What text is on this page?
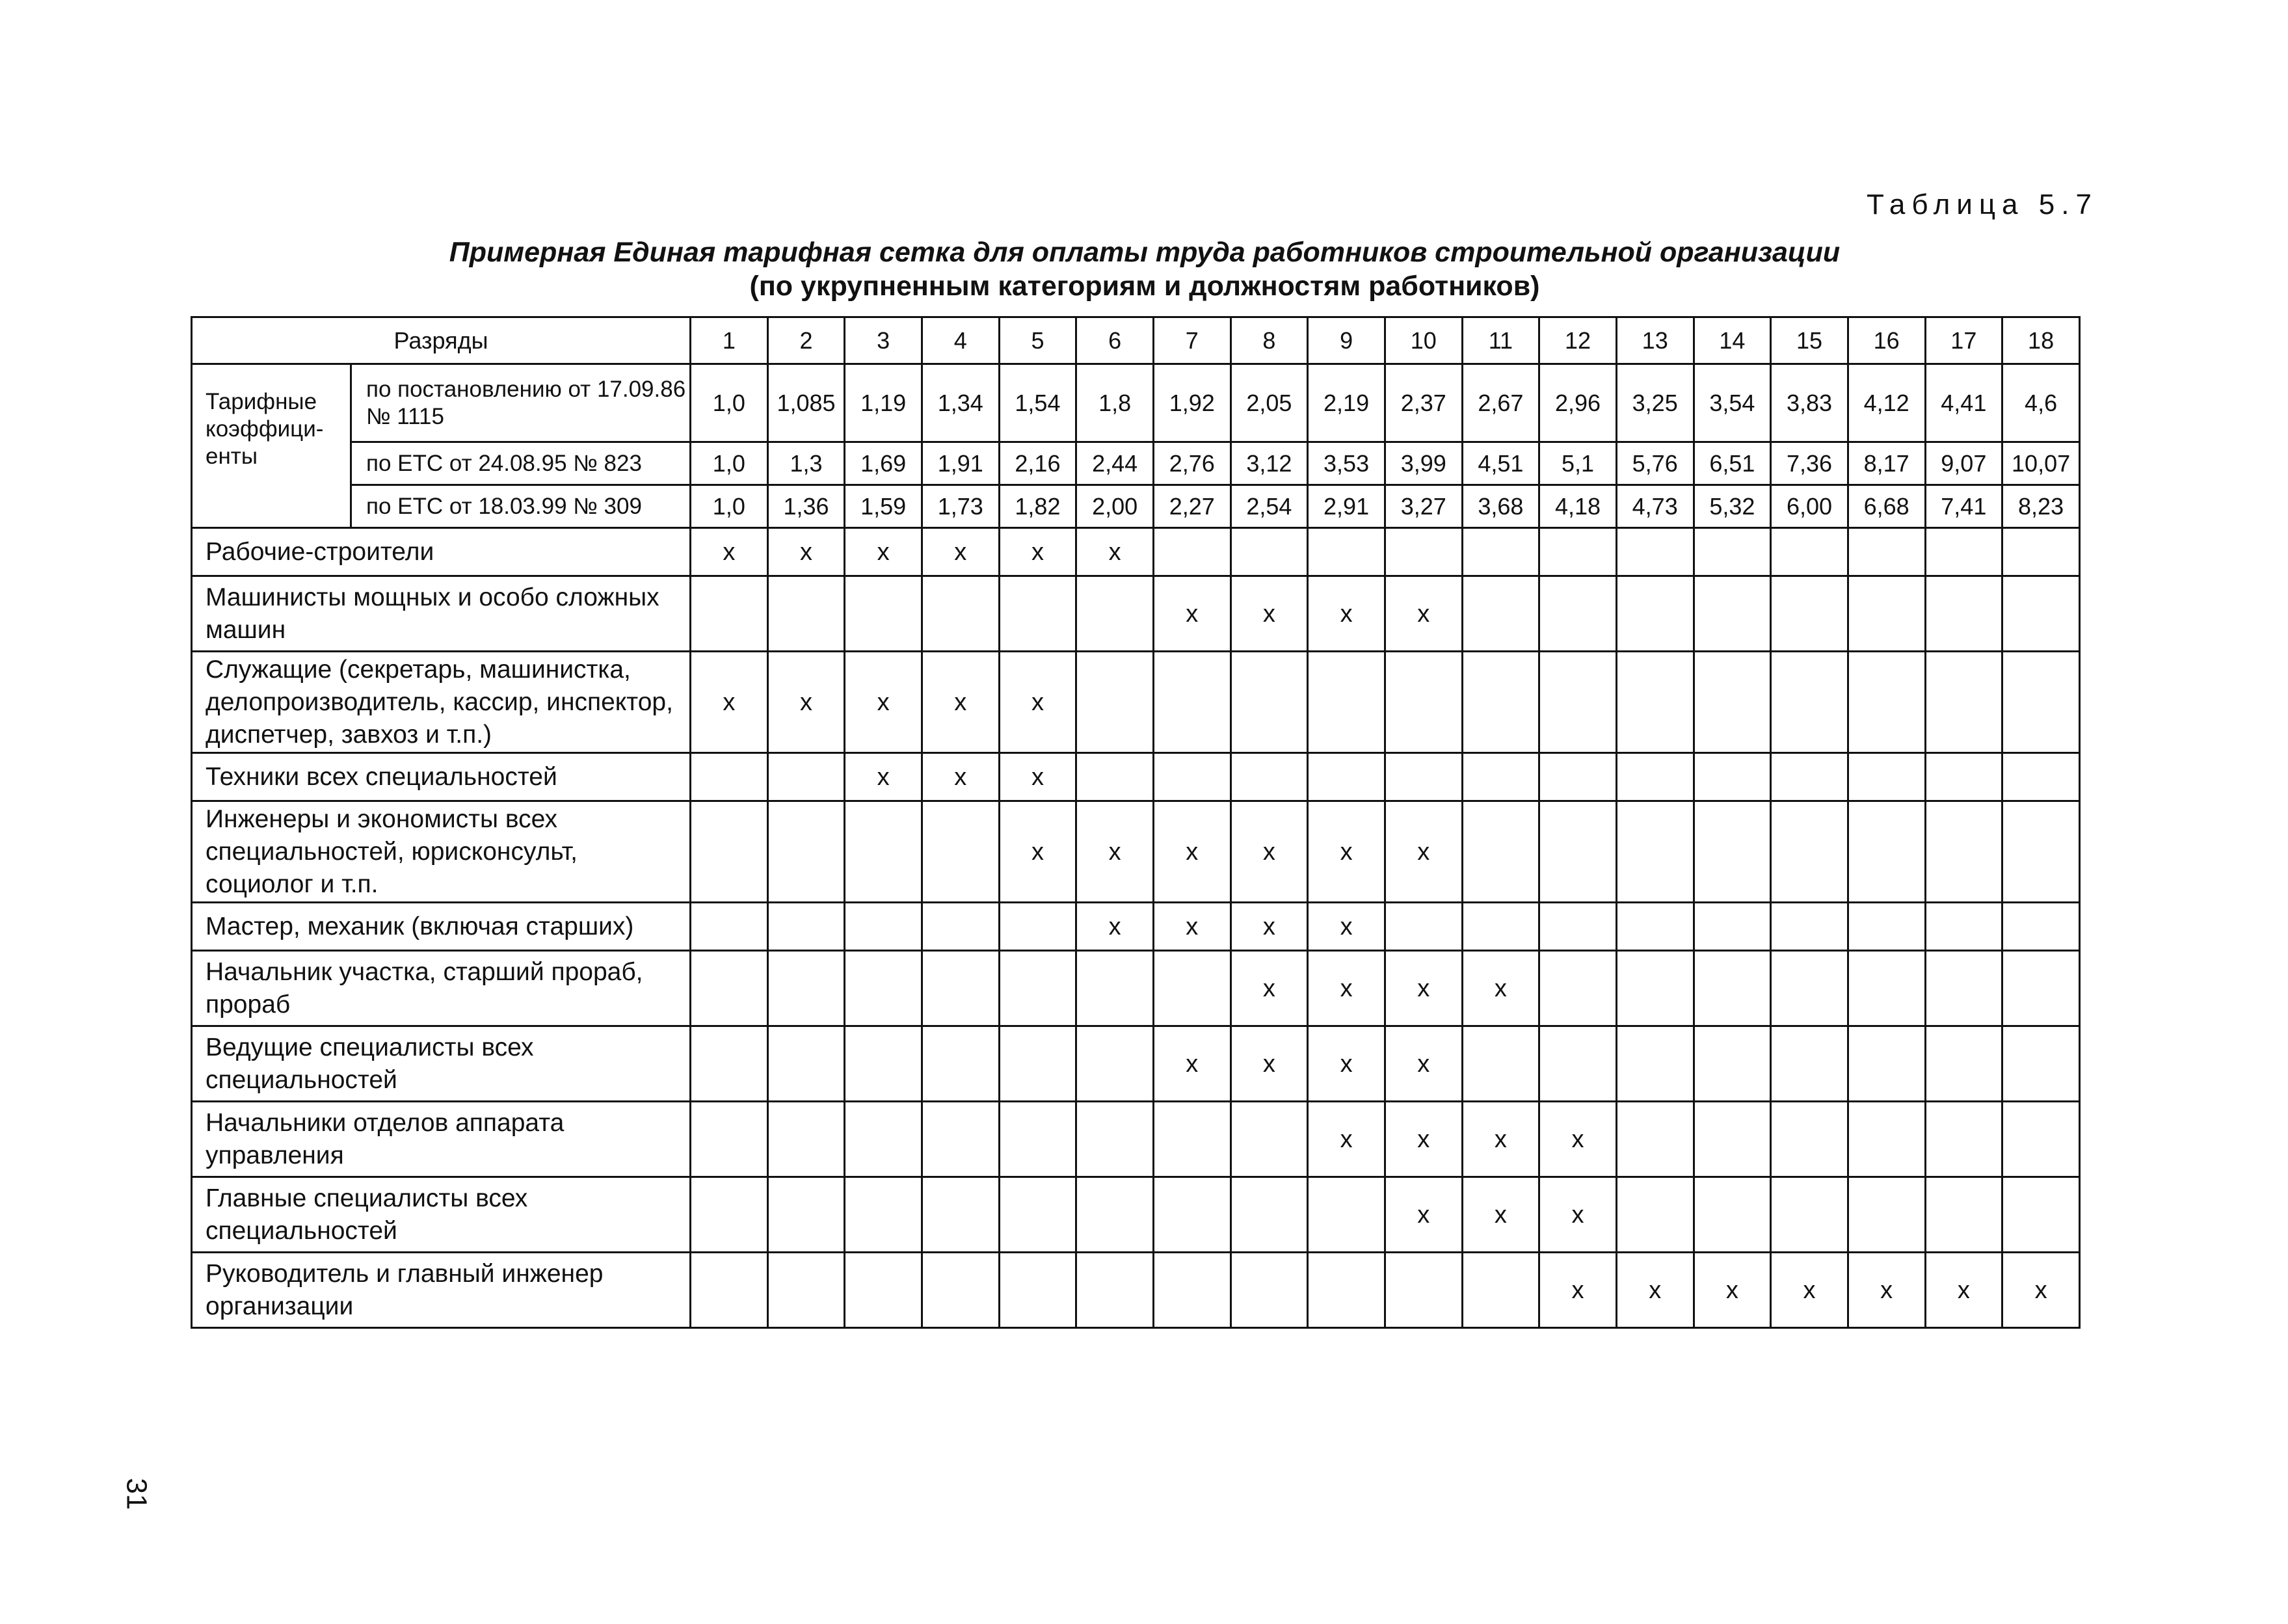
Таблица 5.7
Примерная Единая тарифная сетка для оплаты труда работников строительной организации
(по укрупненным категориям и должностям работников)
Разряды		1	2	3	4	5	6	7	8	9	10	11	12	13	14	15	16	17	18
Тарифные коэффици-енты	по постановлению от 17.09.86 № 1115	1,0	1,085	1,19	1,34	1,54	1,8	1,92	2,05	2,19	2,37	2,67	2,96	3,25	3,54	3,83	4,12	4,41	4,6
	по ЕТС от 24.08.95 № 823	1,0	1,3	1,69	1,91	2,16	2,44	2,76	3,12	3,53	3,99	4,51	5,1	5,76	6,51	7,36	8,17	9,07	10,07
	по ЕТС от 18.03.99 № 309	1,0	1,36	1,59	1,73	1,82	2,00	2,27	2,54	2,91	3,27	3,68	4,18	4,73	5,32	6,00	6,68	7,41	8,23
Рабочие-строители		x	x	x	x	x	x												
Машинисты мощных и особо сложных машин								x	x	x	x								
Служащие (секретарь, машинистка, делопроизводитель, кассир, инспектор, диспетчер, завхоз и т.п.)		x	x	x	x	x													
Техники всех специальностей				x	x	x													
Инженеры и экономисты всех специальностей, юрисконсульт, социолог и т.п.						x	x	x	x	x	x								
Мастер, механик (включая старших)							x	x	x	x									
Начальник участка, старший прораб, прораб									x	x	x	x							
Ведущие специалисты всех специальностей								x	x	x	x								
Начальники отделов аппарата управления										x	x	x	x						
Главные специалисты всех специальностей											x	x	x						
Руководитель и главный инженер организации													x	x	x	x	x	x	x
31
